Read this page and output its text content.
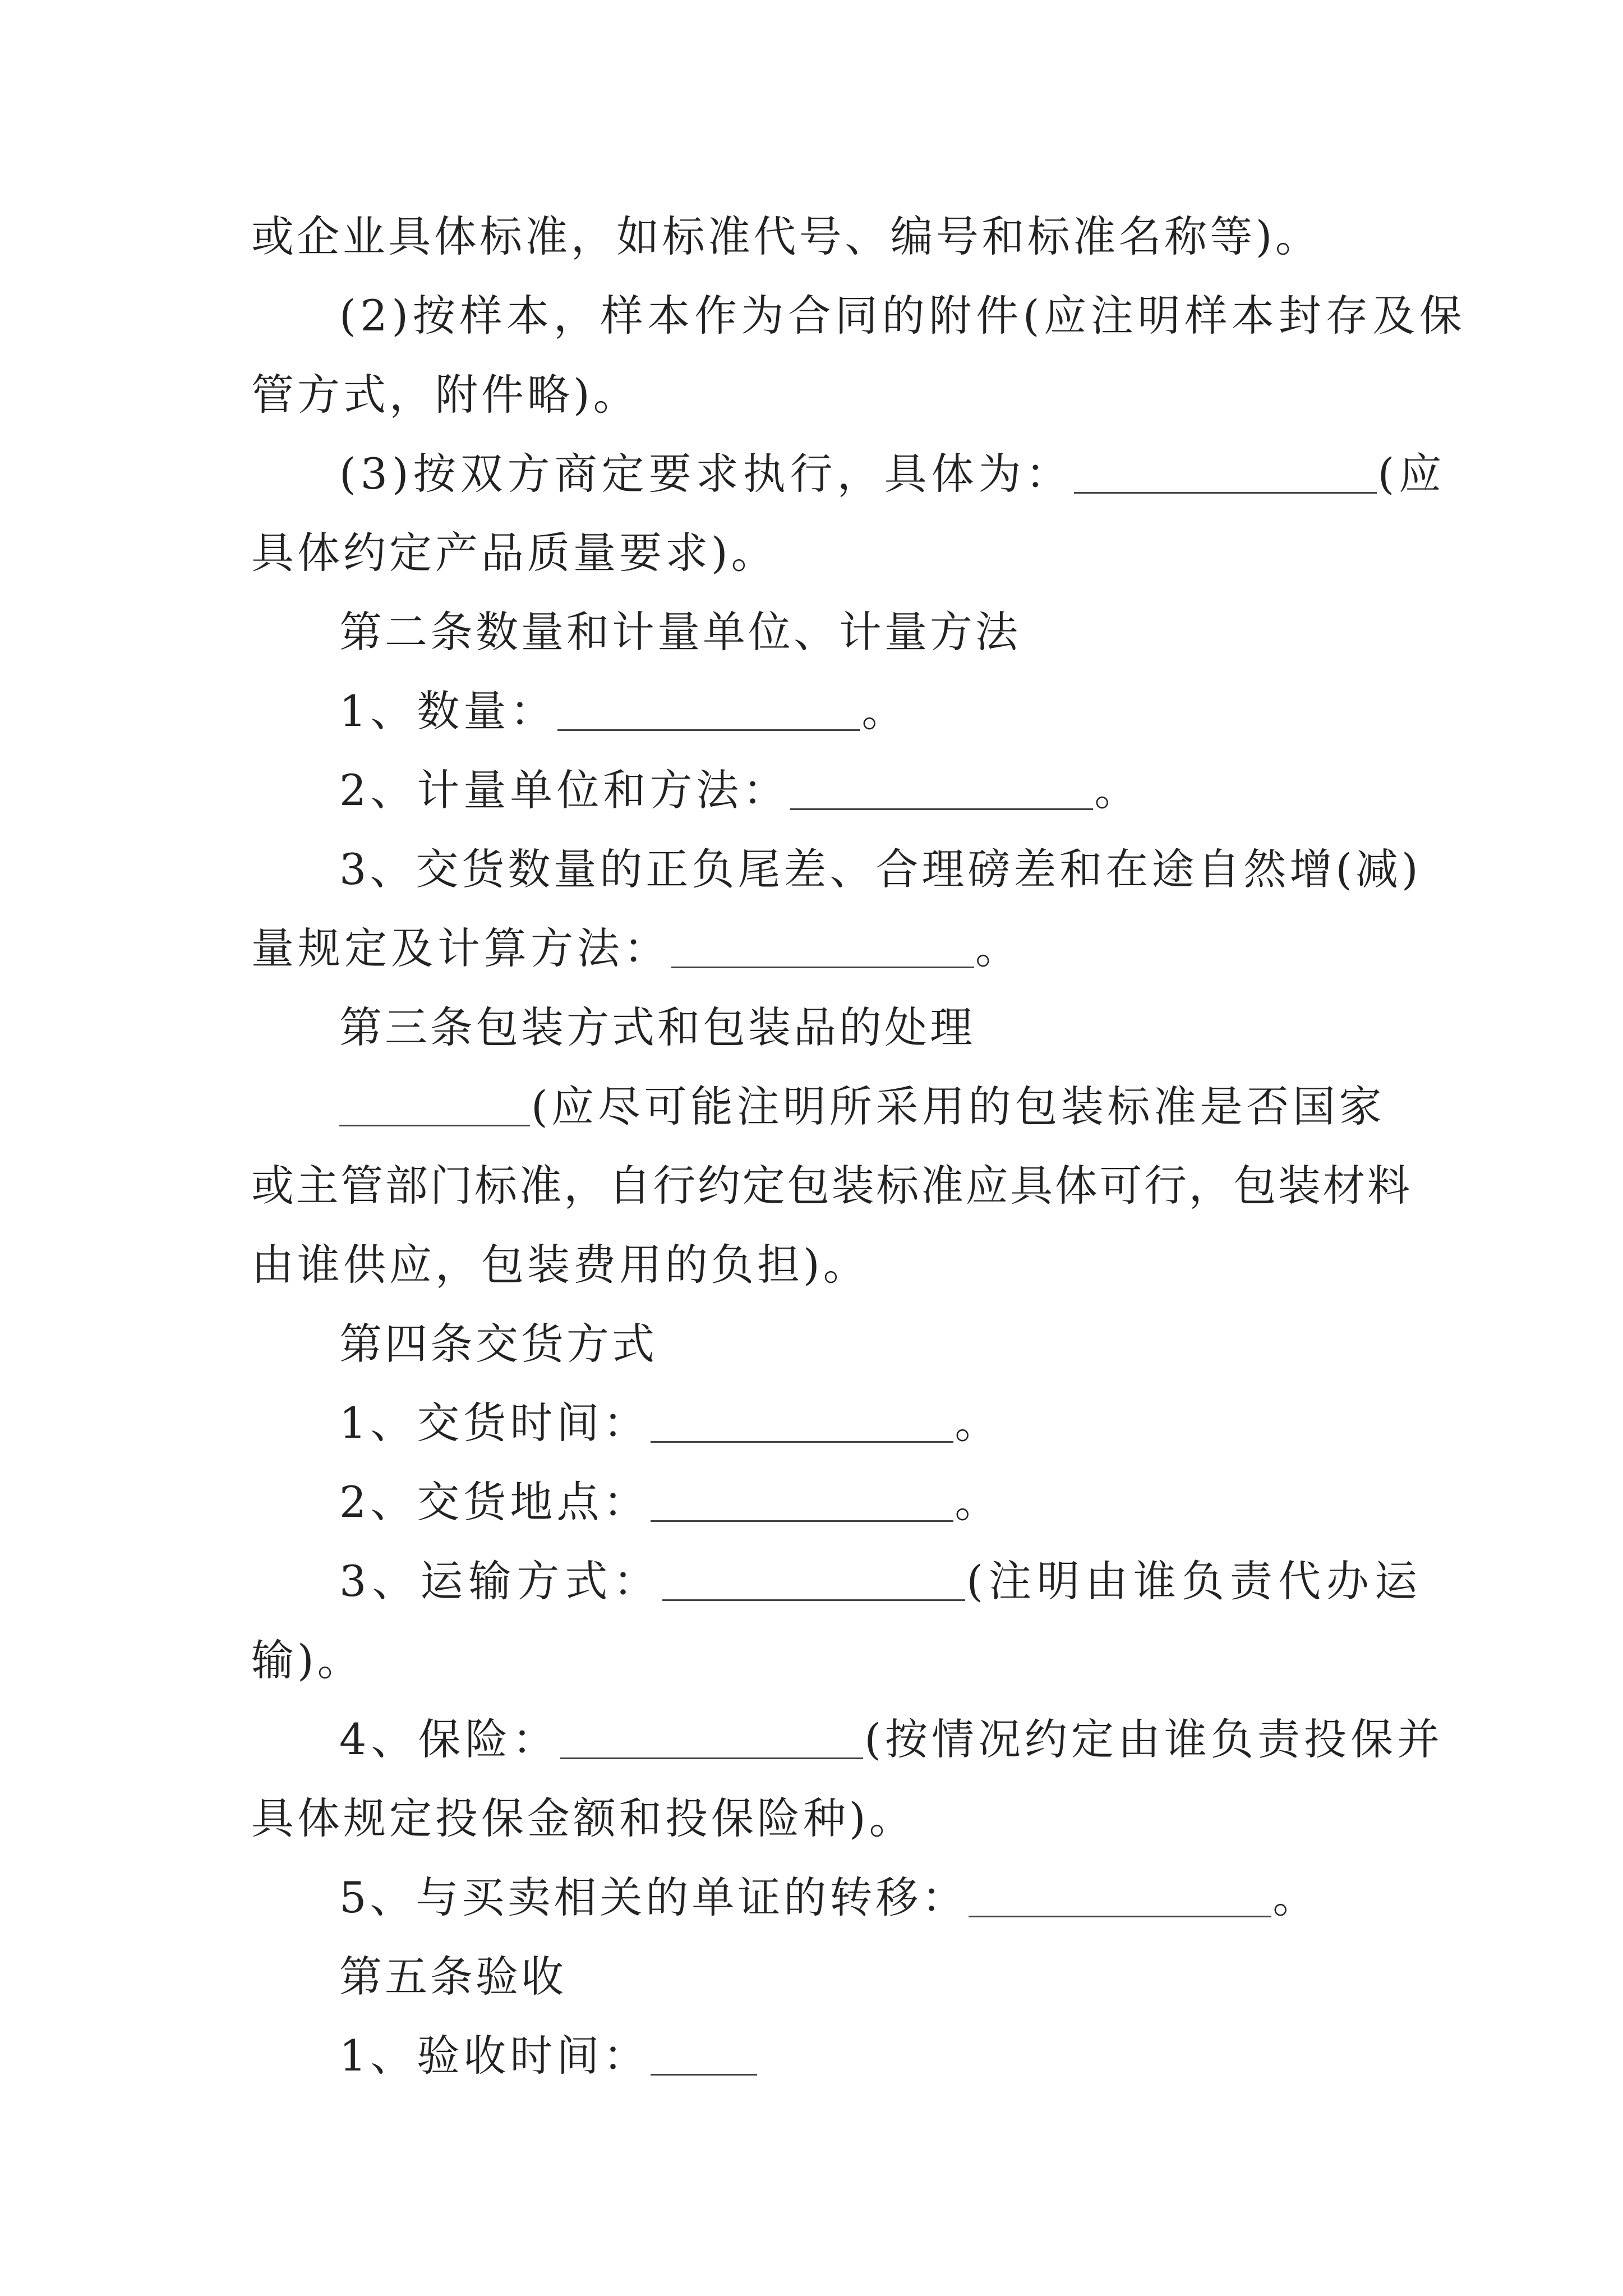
或企业具体标准，如标准代号、编号和标准名称等)。
(2)按样本，样本作为合同的附件(应注明样本封存及保
管方式，附件略)。
(3)按双方商定要求执行，具体为：	(应
具体约定产品质量要求)。
第二条数量和计量单位、计量方法
1、数量：	。
2、计量单位和方法：	。
3、交货数量的正负尾差、合理磅差和在途自然增(减)
量规定及计算方法：	。
第三条包装方式和包装品的处理
(应尽可能注明所采用的包装标准是否国家
或主管部门标准，自行约定包装标准应具体可行，包装材料
由谁供应，包装费用的负担)。
第四条交货方式
1、交货时间：	。
2、交货地点：	。
3、运输方式：	(注明由谁负责代办运
输)。
4、保险：	(按情况约定由谁负责投保并
具体规定投保金额和投保险种)。
5、与买卖相关的单证的转移：	。
第五条验收
1、验收时间：
